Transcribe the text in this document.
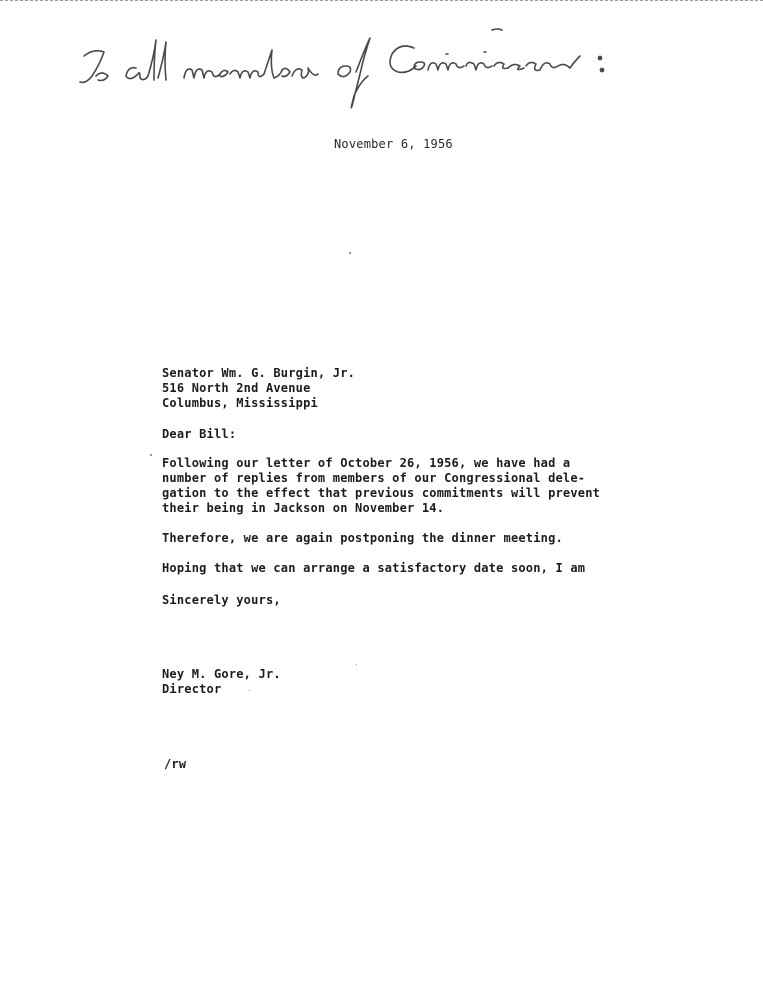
November 6, 1956
Senator Wm. G. Burgin, Jr.
516 North 2nd Avenue
Columbus, Mississippi
Dear Bill:
Following our letter of October 26, 1956, we have had a
number of replies from members of our Congressional dele-
gation to the effect that previous commitments will prevent
their being in Jackson on November 14.
Therefore, we are again postponing the dinner meeting.
Hoping that we can arrange a satisfactory date soon, I am
Sincerely yours,
Ney M. Gore, Jr.
Director
/rw
